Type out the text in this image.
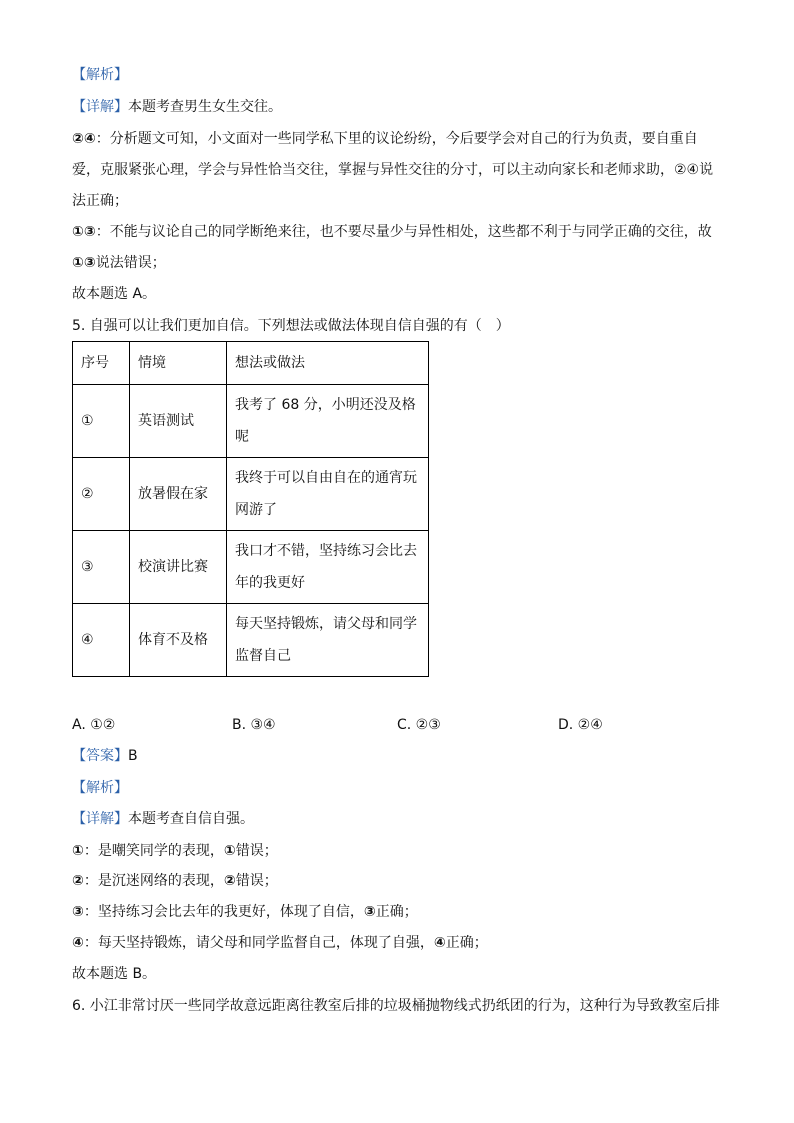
【解析】
【详解】本题考查男生女生交往。
②④：分析题文可知，小文面对一些同学私下里的议论纷纷，今后要学会对自己的行为负责，要自重自
爱，克服紧张心理，学会与异性恰当交往，掌握与异性交往的分寸，可以主动向家长和老师求助，②④说
法正确；
①③：不能与议论自己的同学断绝来往，也不要尽量少与异性相处，这些都不利于与同学正确的交往，故
①③说法错误；
故本题选 A。
5. 自强可以让我们更加自信。下列想法或做法体现自信自强的有（　）
序号	情境	想法或做法
①	英语测试	我考了 68 分，小明还没及格呢
②	放暑假在家	我终于可以自由自在的通宵玩网游了
③	校演讲比赛	我口才不错，坚持练习会比去年的我更好
④	体育不及格	每天坚持锻炼，请父母和同学监督自己
A. ①②	B. ③④	C. ②③	D. ②④
【答案】B
【解析】
【详解】本题考查自信自强。
①：是嘲笑同学的表现，①错误；
②：是沉迷网络的表现，②错误；
③：坚持练习会比去年的我更好，体现了自信，③正确；
④：每天坚持锻炼，请父母和同学监督自己，体现了自强，④正确；
故本题选 B。
6. 小江非常讨厌一些同学故意远距离往教室后排的垃圾桶抛物线式扔纸团的行为，这种行为导致教室后排
